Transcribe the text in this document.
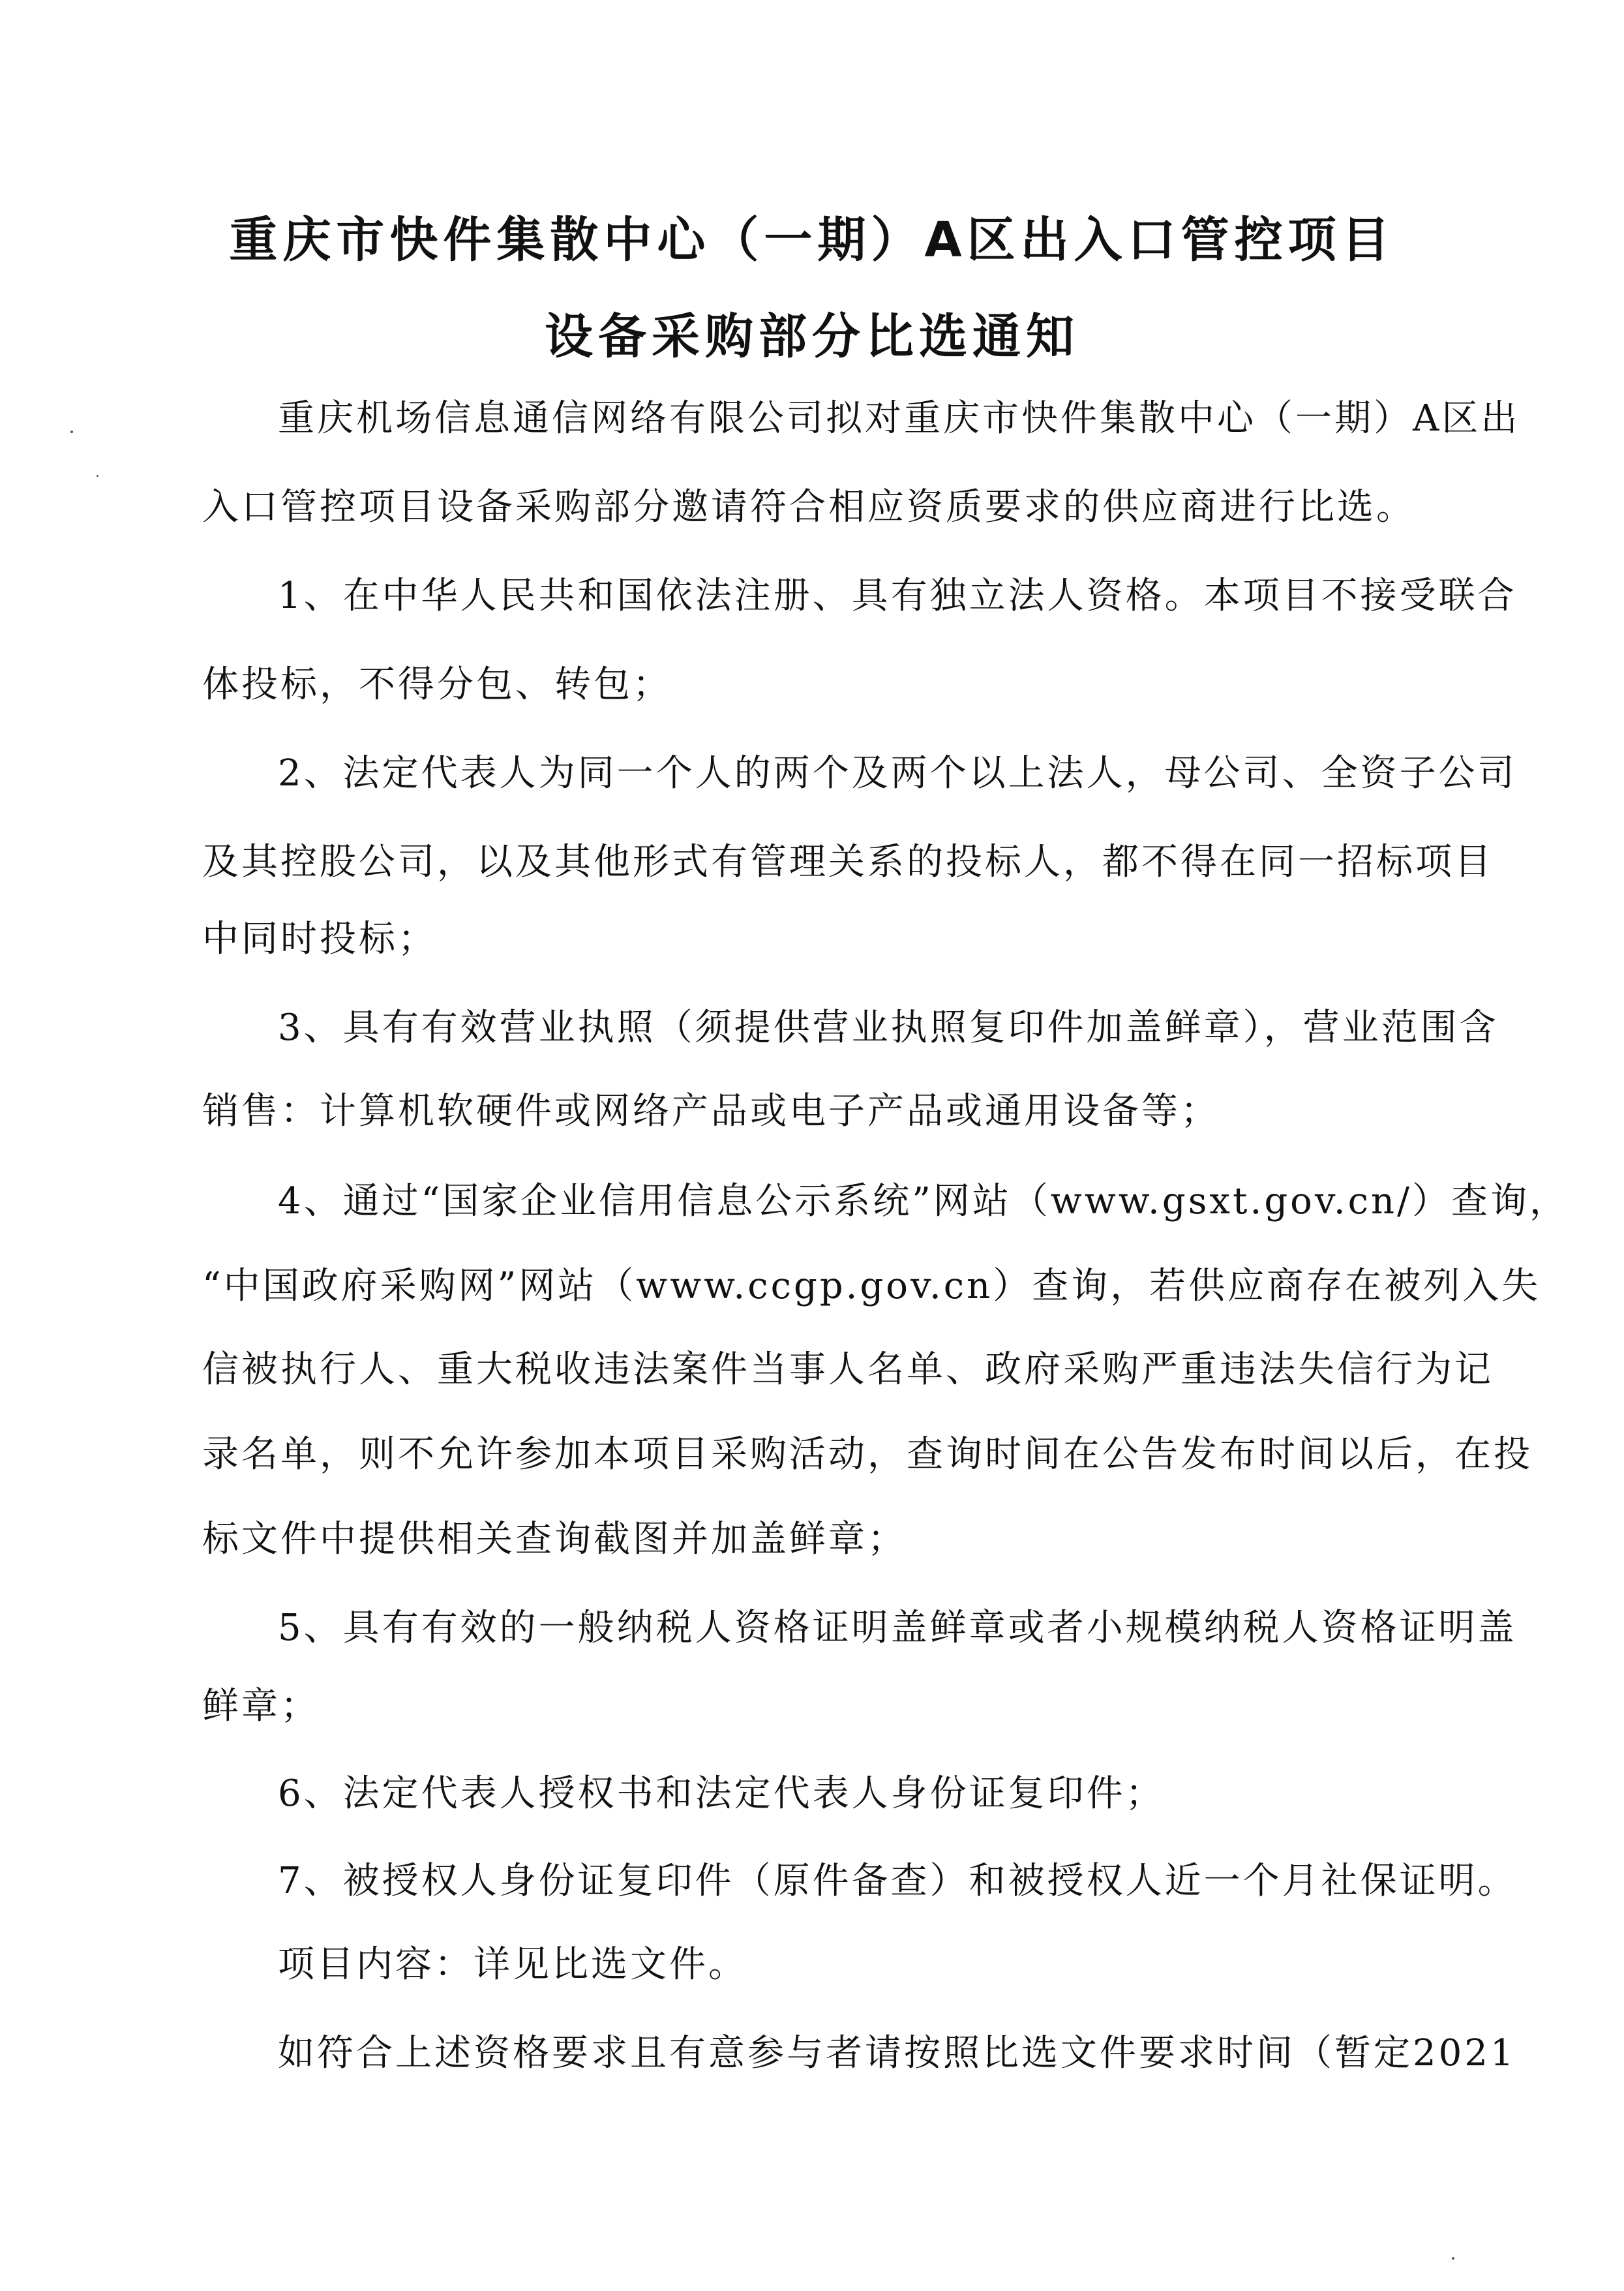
重庆市快件集散中心（一期）A区出入口管控项目
设备采购部分比选通知
重庆机场信息通信网络有限公司拟对重庆市快件集散中心（一期）A区出
入口管控项目设备采购部分邀请符合相应资质要求的供应商进行比选。
1、在中华人民共和国依法注册、具有独立法人资格。本项目不接受联合
体投标，不得分包、转包；
2、法定代表人为同一个人的两个及两个以上法人，母公司、全资子公司
及其控股公司，以及其他形式有管理关系的投标人，都不得在同一招标项目
中同时投标；
3、具有有效营业执照（须提供营业执照复印件加盖鲜章），营业范围含
销售：计算机软硬件或网络产品或电子产品或通用设备等；
4、通过“国家企业信用信息公示系统”网站（www.gsxt.gov.cn/）查询，
“中国政府采购网”网站（www.ccgp.gov.cn）查询，若供应商存在被列入失
信被执行人、重大税收违法案件当事人名单、政府采购严重违法失信行为记
录名单，则不允许参加本项目采购活动，查询时间在公告发布时间以后，在投
标文件中提供相关查询截图并加盖鲜章；
5、具有有效的一般纳税人资格证明盖鲜章或者小规模纳税人资格证明盖
鲜章；
6、法定代表人授权书和法定代表人身份证复印件；
7、被授权人身份证复印件（原件备查）和被授权人近一个月社保证明。
项目内容：详见比选文件。
如符合上述资格要求且有意参与者请按照比选文件要求时间（暂定2021
